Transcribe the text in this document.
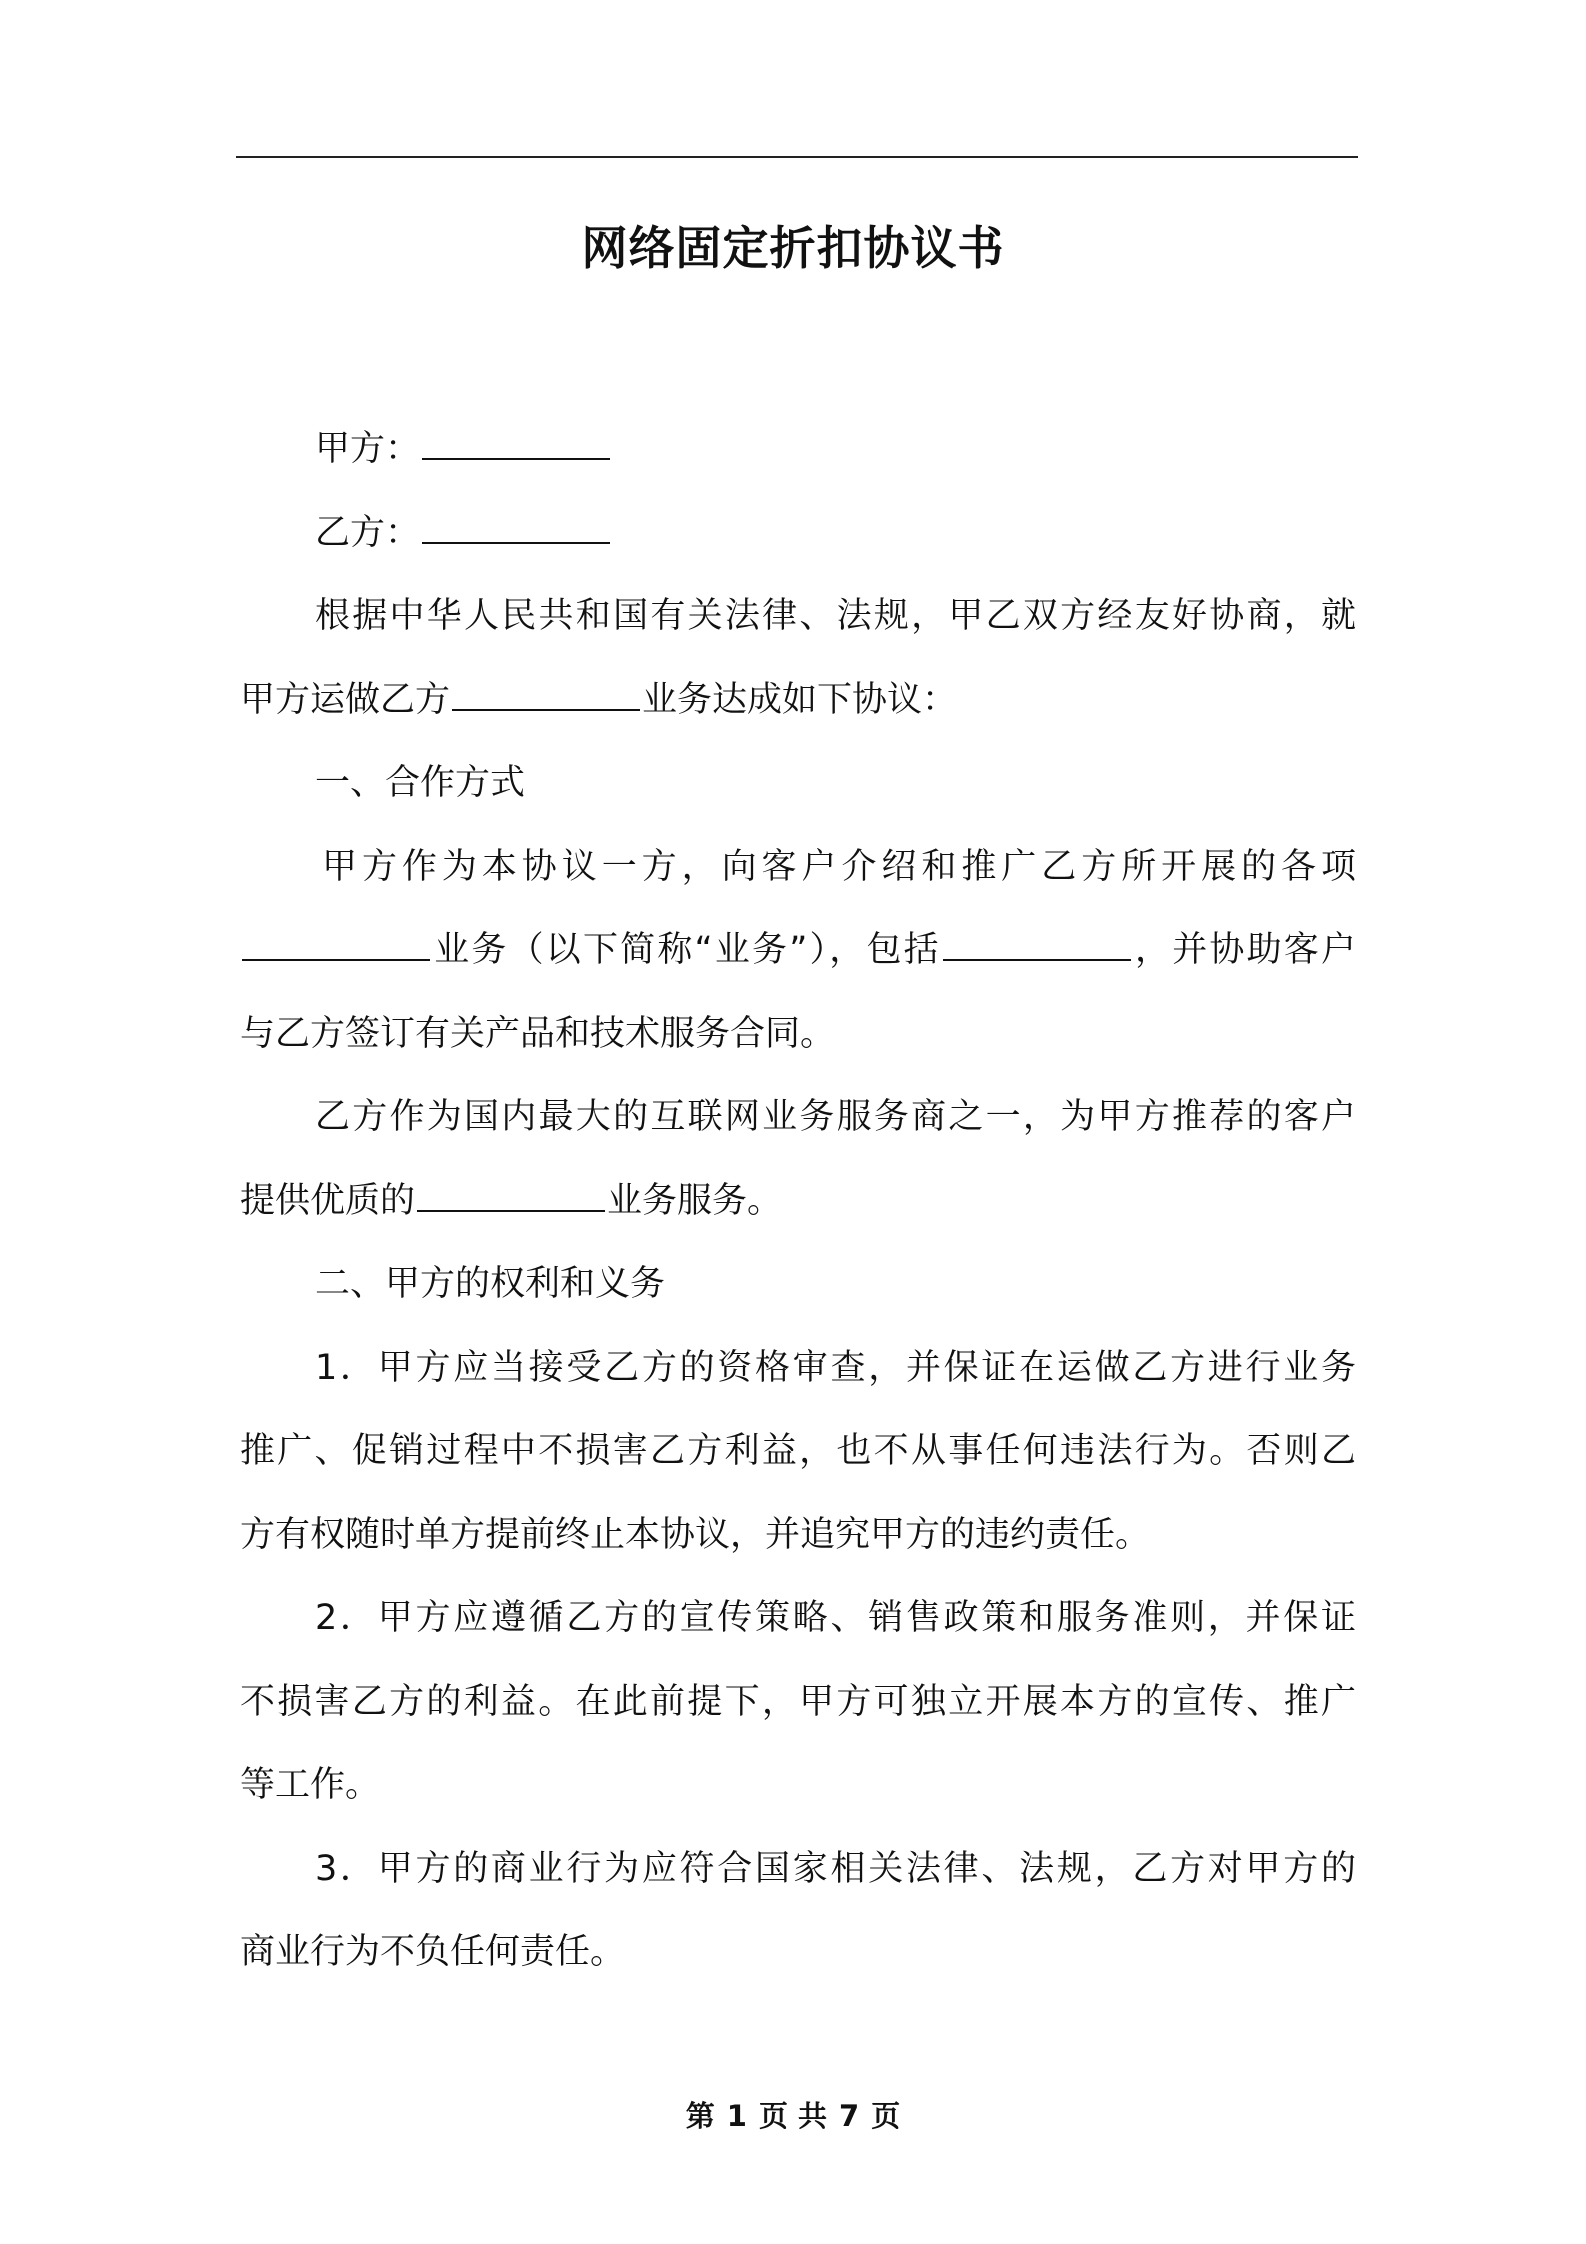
网络固定折扣协议书
甲方：
乙方：
根据中华人民共和国有关法律、法规，甲乙双方经友好协商，就
甲方运做乙方	业务达成如下协议：
一、合作方式
甲方作为本协议一方，向客户介绍和推广乙方所开展的各项
业务（以下简称“业务”），包括	，并协助客户
与乙方签订有关产品和技术服务合同。
乙方作为国内最大的互联网业务服务商之一，为甲方推荐的客户
提供优质的	业务服务。
二、甲方的权利和义务
1．甲方应当接受乙方的资格审查，并保证在运做乙方进行业务
推广、促销过程中不损害乙方利益，也不从事任何违法行为。否则乙
方有权随时单方提前终止本协议，并追究甲方的违约责任。
2．甲方应遵循乙方的宣传策略、销售政策和服务准则，并保证
不损害乙方的利益。在此前提下，甲方可独立开展本方的宣传、推广
等工作。
3．甲方的商业行为应符合国家相关法律、法规，乙方对甲方的
商业行为不负任何责任。
第 1 页 共 7 页
